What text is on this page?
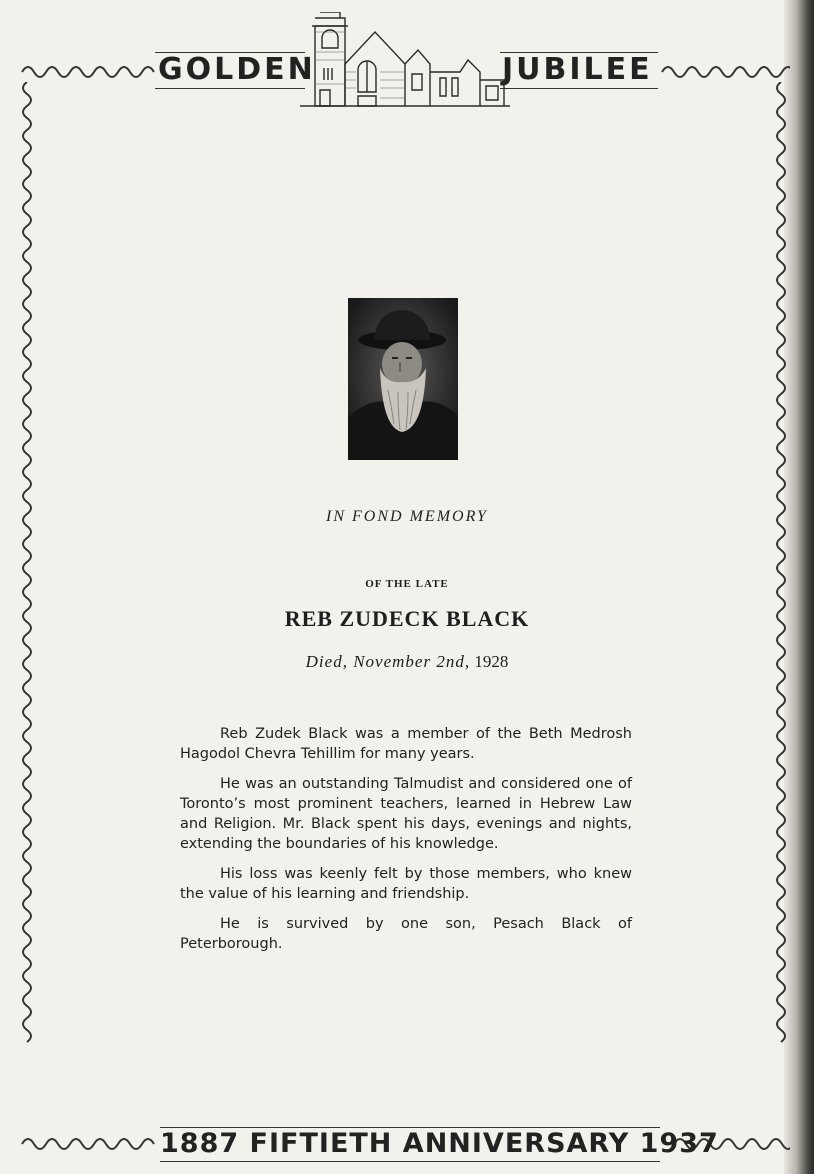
GOLDEN	JUBILEE
IN FOND MEMORY
OF THE LATE
REB ZUDECK BLACK
Died, November 2nd, 1928

Reb Zudek Black was a member of the Beth Medrosh Hagodol Chevra Tehillim for many years.

He was an outstanding Talmudist and considered one of Toronto’s most prominent teachers, learned in Hebrew Law and Religion. Mr. Black spent his days, evenings and nights, extending the boundaries of his knowledge.

His loss was keenly felt by those members, who knew the value of his learning and friendship.

He is survived by one son, Pesach Black of Peterborough.

1887 FIFTIETH ANNIVERSARY 1937
